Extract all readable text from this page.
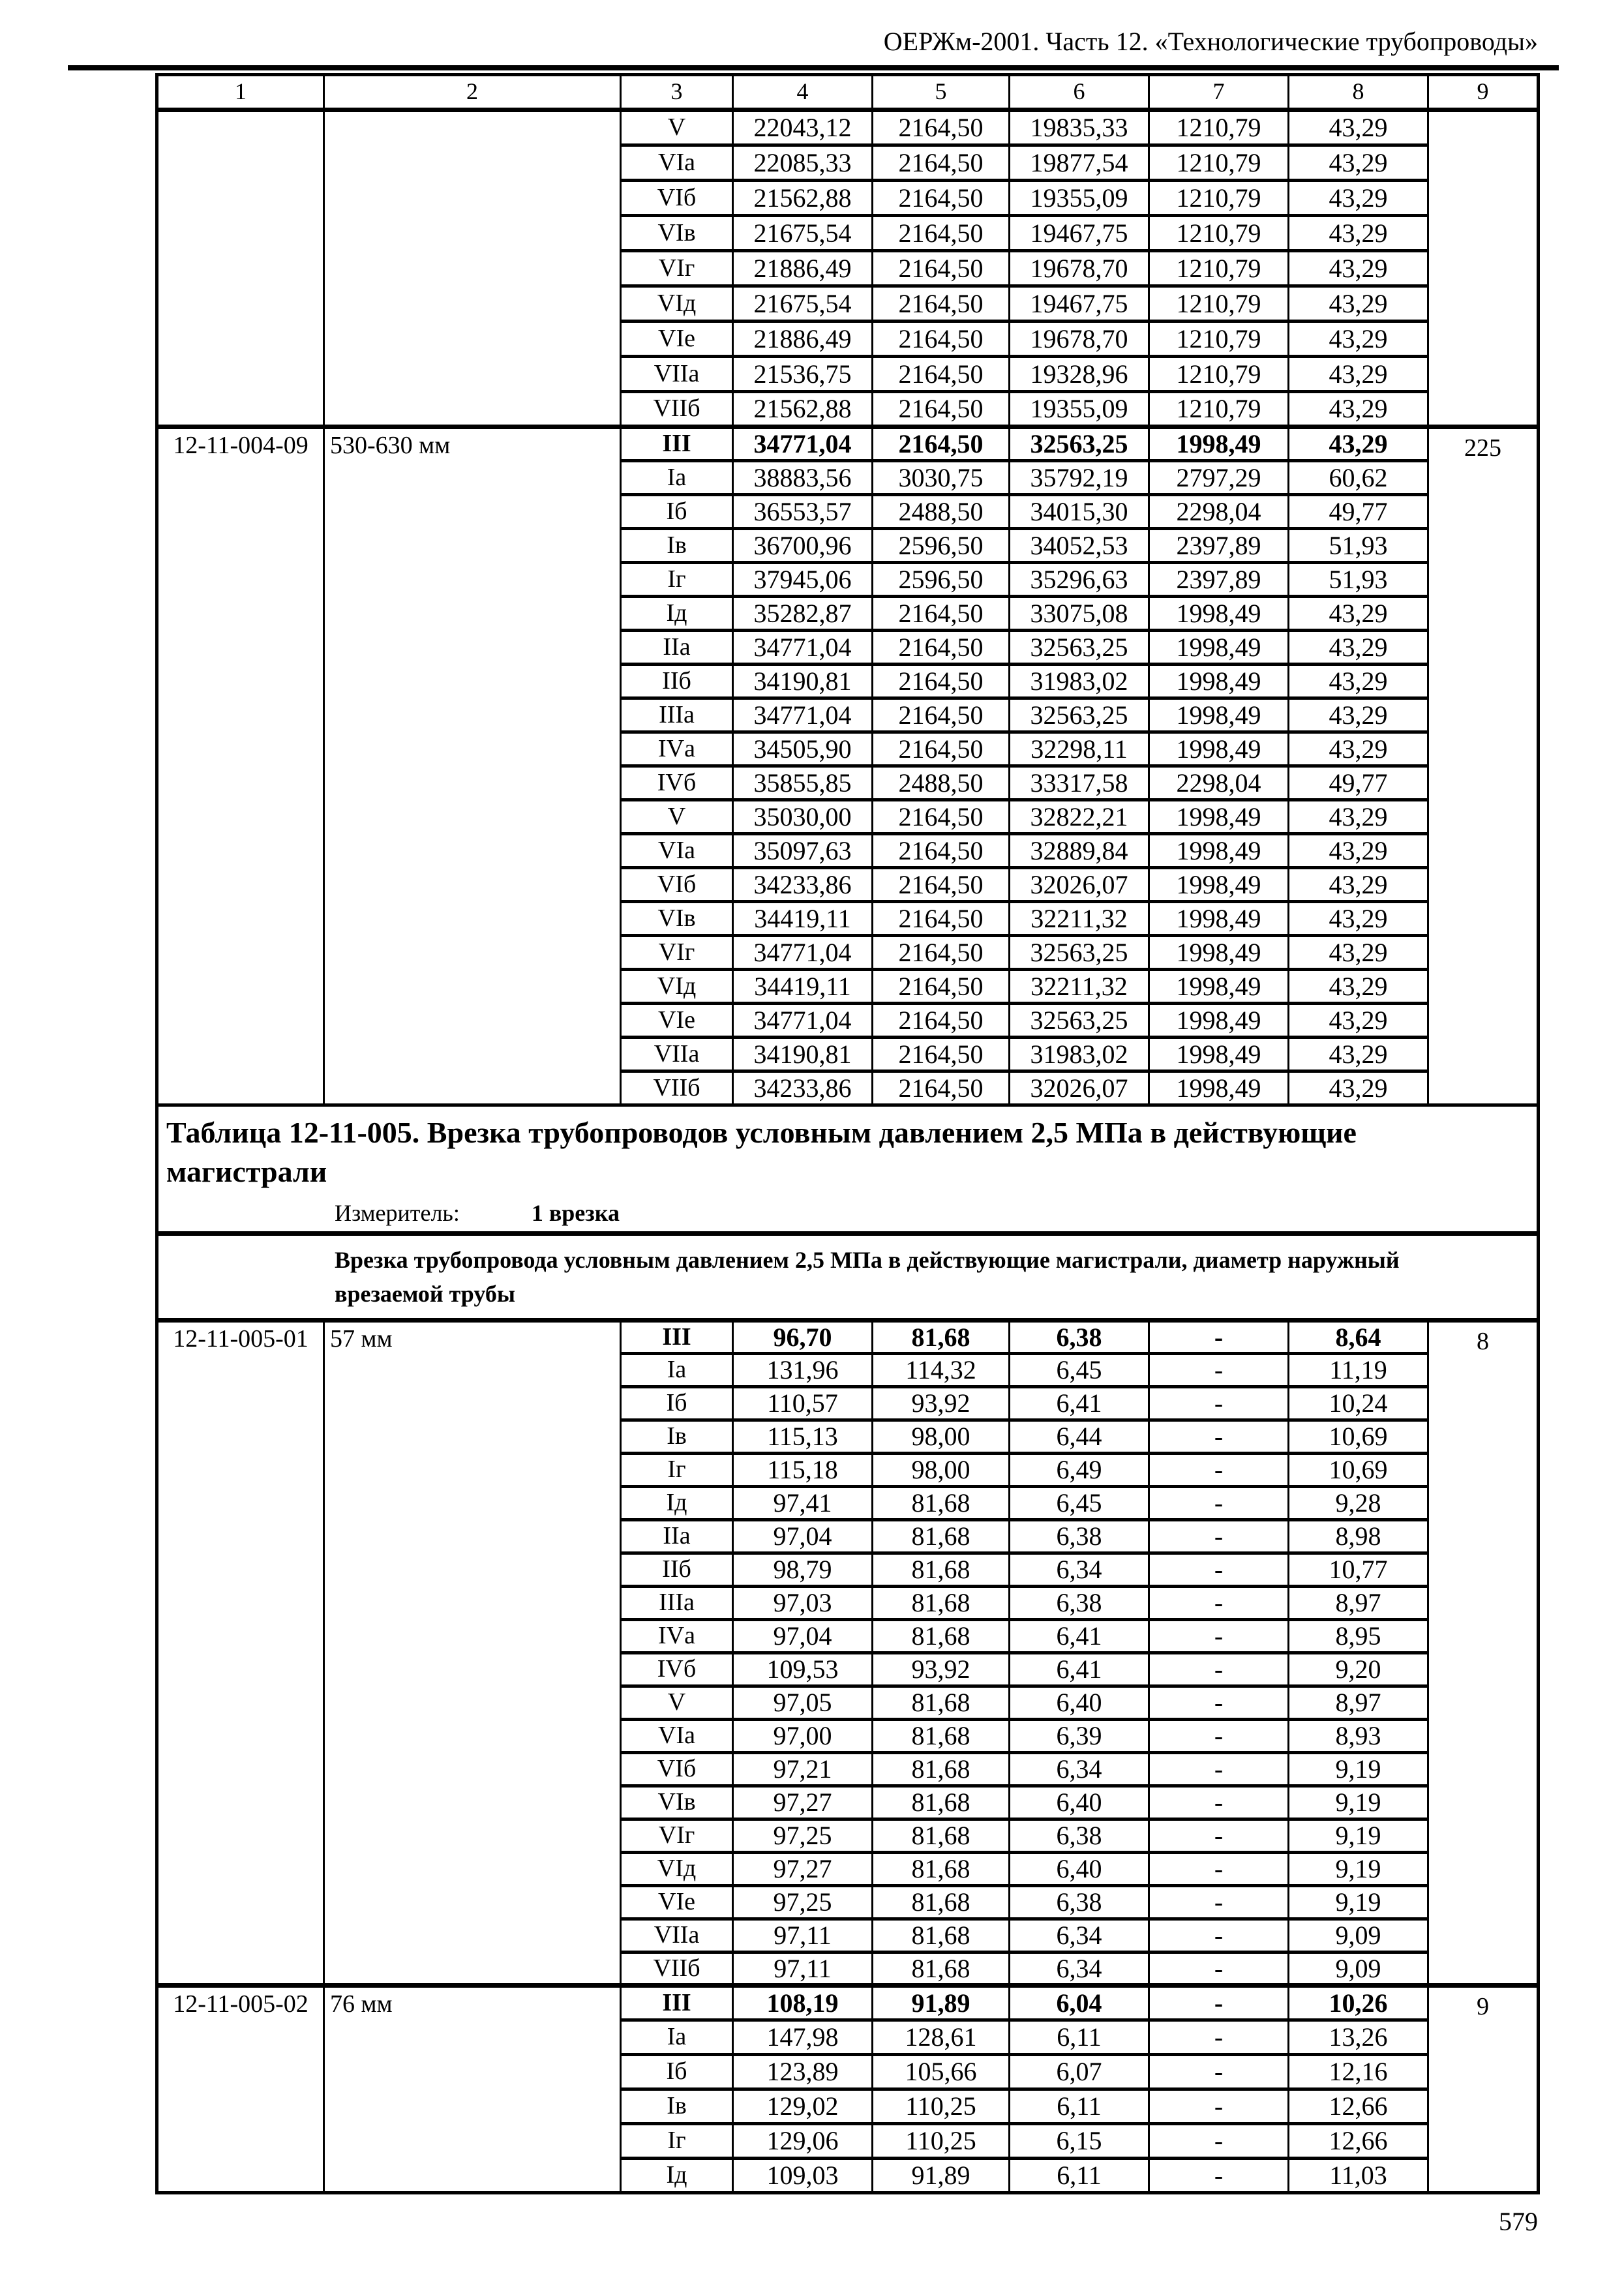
ОЕРЖм-2001. Часть 12. «Технологические трубопроводы»
1	2	3	4	5	6	7	8	9
		V	22043,12	2164,50	19835,33	1210,79	43,29	
		VIа	22085,33	2164,50	19877,54	1210,79	43,29	
		VIб	21562,88	2164,50	19355,09	1210,79	43,29	
		VIв	21675,54	2164,50	19467,75	1210,79	43,29	
		VIг	21886,49	2164,50	19678,70	1210,79	43,29	
		VIд	21675,54	2164,50	19467,75	1210,79	43,29	
		VIе	21886,49	2164,50	19678,70	1210,79	43,29	
		VIIа	21536,75	2164,50	19328,96	1210,79	43,29	
		VIIб	21562,88	2164,50	19355,09	1210,79	43,29	
12-11-004-09	530-630 мм	III	34771,04	2164,50	32563,25	1998,49	43,29	225
		Iа	38883,56	3030,75	35792,19	2797,29	60,62	
		Iб	36553,57	2488,50	34015,30	2298,04	49,77	
		Iв	36700,96	2596,50	34052,53	2397,89	51,93	
		Iг	37945,06	2596,50	35296,63	2397,89	51,93	
		Iд	35282,87	2164,50	33075,08	1998,49	43,29	
		IIа	34771,04	2164,50	32563,25	1998,49	43,29	
		IIб	34190,81	2164,50	31983,02	1998,49	43,29	
		IIIа	34771,04	2164,50	32563,25	1998,49	43,29	
		IVа	34505,90	2164,50	32298,11	1998,49	43,29	
		IVб	35855,85	2488,50	33317,58	2298,04	49,77	
		V	35030,00	2164,50	32822,21	1998,49	43,29	
		VIа	35097,63	2164,50	32889,84	1998,49	43,29	
		VIб	34233,86	2164,50	32026,07	1998,49	43,29	
		VIв	34419,11	2164,50	32211,32	1998,49	43,29	
		VIг	34771,04	2164,50	32563,25	1998,49	43,29	
		VIд	34419,11	2164,50	32211,32	1998,49	43,29	
		VIе	34771,04	2164,50	32563,25	1998,49	43,29	
		VIIа	34190,81	2164,50	31983,02	1998,49	43,29	
		VIIб	34233,86	2164,50	32026,07	1998,49	43,29	
Таблица 12-11-005. Врезка трубопроводов условным давлением 2,5 МПа в действующие
магистрали								
Измеритель: 1 врезка								
Врезка трубопровода условным давлением 2,5 МПа в действующие магистрали, диаметр наружный
врезаемой трубы								
12-11-005-01	57 мм	III	96,70	81,68	6,38	-	8,64	8
		Iа	131,96	114,32	6,45	-	11,19	
		Iб	110,57	93,92	6,41	-	10,24	
		Iв	115,13	98,00	6,44	-	10,69	
		Iг	115,18	98,00	6,49	-	10,69	
		Iд	97,41	81,68	6,45	-	9,28	
		IIа	97,04	81,68	6,38	-	8,98	
		IIб	98,79	81,68	6,34	-	10,77	
		IIIа	97,03	81,68	6,38	-	8,97	
		IVа	97,04	81,68	6,41	-	8,95	
		IVб	109,53	93,92	6,41	-	9,20	
		V	97,05	81,68	6,40	-	8,97	
		VIа	97,00	81,68	6,39	-	8,93	
		VIб	97,21	81,68	6,34	-	9,19	
		VIв	97,27	81,68	6,40	-	9,19	
		VIг	97,25	81,68	6,38	-	9,19	
		VIд	97,27	81,68	6,40	-	9,19	
		VIе	97,25	81,68	6,38	-	9,19	
		VIIа	97,11	81,68	6,34	-	9,09	
		VIIб	97,11	81,68	6,34	-	9,09	
12-11-005-02	76 мм	III	108,19	91,89	6,04	-	10,26	9
		Iа	147,98	128,61	6,11	-	13,26	
		Iб	123,89	105,66	6,07	-	12,16	
		Iв	129,02	110,25	6,11	-	12,66	
		Iг	129,06	110,25	6,15	-	12,66	
		Iд	109,03	91,89	6,11	-	11,03	
579
